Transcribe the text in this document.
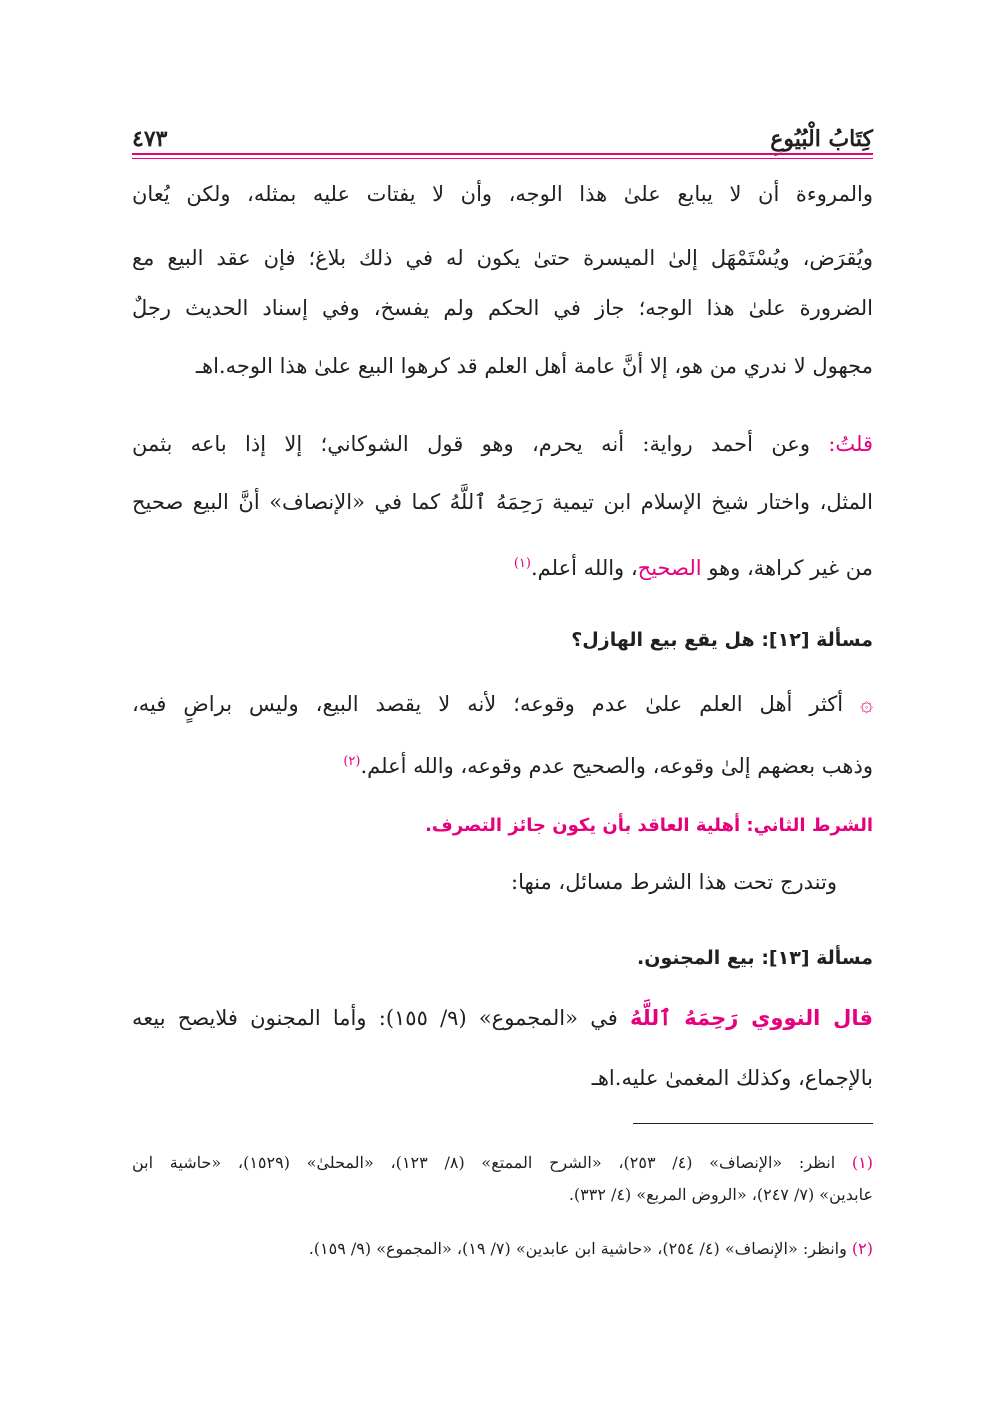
كِتَابُ الْبُيُوعِ
٤٧٣
والمروءة أن لا يبايع علىٰ هذا الوجه، وأن لا يفتات عليه بمثله، ولكن يُعان
ويُقرَض، ويُسْتَمْهَل إلىٰ الميسرة حتىٰ يكون له في ذلك بلاغ؛ فإن عقد البيع مع
الضرورة علىٰ هذا الوجه؛ جاز في الحكم ولم يفسخ، وفي إسناد الحديث رجلٌ
مجهول لا ندري من هو، إلا أنَّ عامة أهل العلم قد كرهوا البيع علىٰ هذا الوجه.اهـ
قلتُ: وعن أحمد رواية: أنه يحرم، وهو قول الشوكاني؛ إلا إذا باعه بثمن
المثل، واختار شيخ الإسلام ابن تيمية رَحِمَهُ ٱللَّهُ كما في «الإنصاف» أنَّ البيع صحيح
من غير كراهة، وهو الصحيح، والله أعلم.$^{(١)}$
مسألة [١٢]: هل يقع بيع الهازل؟
۞ أكثر أهل العلم علىٰ عدم وقوعه؛ لأنه لا يقصد البيع، وليس براضٍ فيه،
وذهب بعضهم إلىٰ وقوعه، والصحيح عدم وقوعه، والله أعلم.$^{(٢)}$
الشرط الثاني: أهلية العاقد بأن يكون جائز التصرف.
وتندرج تحت هذا الشرط مسائل، منها:
مسألة [١٣]: بيع المجنون.
قال النووي رَحِمَهُ ٱللَّهُ في «المجموع» (٩/ ١٥٥): وأما المجنون فلايصح بيعه
بالإجماع، وكذلك المغمىٰ عليه.اهـ
(١) انظر: «الإنصاف» (٤/ ٢٥٣)، «الشرح الممتع» (٨/ ١٢٣)، «المحلىٰ» (١٥٢٩)، «حاشية ابن
عابدين» (٧/ ٢٤٧)، «الروض المربع» (٤/ ٣٣٢).
(٢) وانظر: «الإنصاف» (٤/ ٢٥٤)، «حاشية ابن عابدين» (٧/ ١٩)، «المجموع» (٩/ ١٥٩).
